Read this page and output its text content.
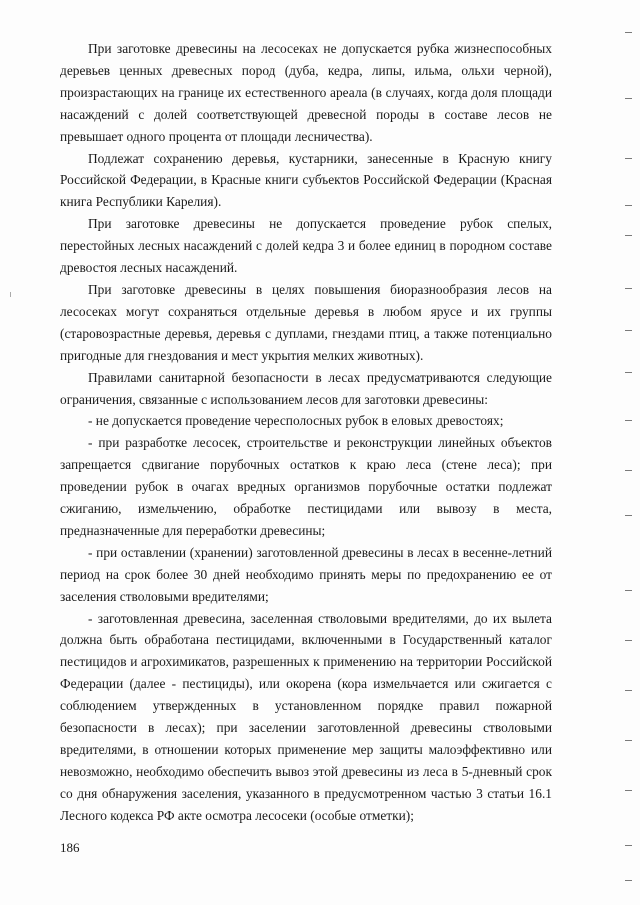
При заготовке древесины на лесосеках не допускается рубка жизнеспособных деревьев ценных древесных пород (дуба, кедра, липы, ильма, ольхи черной), произрастающих на границе их естественного ареала (в случаях, когда доля площади насаждений с долей соответствующей древесной породы в составе лесов не превышает одного процента от площади лесничества).

Подлежат сохранению деревья, кустарники, занесенные в Красную книгу Российской Федерации, в Красные книги субъектов Российской Федерации (Красная книга Республики Карелия).

При заготовке древесины не допускается проведение рубок спелых, перестойных лесных насаждений с долей кедра 3 и более единиц в породном составе древостоя лесных насаждений.

При заготовке древесины в целях повышения биоразнообразия лесов на лесосеках могут сохраняться отдельные деревья в любом ярусе и их группы (старовозрастные деревья, деревья с дуплами, гнездами птиц, а также потенциально пригодные для гнездования и мест укрытия мелких животных).

Правилами санитарной безопасности в лесах предусматриваются следующие ограничения, связанные с использованием лесов для заготовки древесины:

- не допускается проведение чересполосных рубок в еловых древостоях;

- при разработке лесосек, строительстве и реконструкции линейных объектов запрещается сдвигание порубочных остатков к краю леса (стене леса); при проведении рубок в очагах вредных организмов порубочные остатки подлежат сжиганию, измельчению, обработке пестицидами или вывозу в места, предназначенные для переработки древесины;

- при оставлении (хранении) заготовленной древесины в лесах в весенне-летний период на срок более 30 дней необходимо принять меры по предохранению ее от заселения стволовыми вредителями;

- заготовленная древесина, заселенная стволовыми вредителями, до их вылета должна быть обработана пестицидами, включенными в Государственный каталог пестицидов и агрохимикатов, разрешенных к применению на территории Российской Федерации (далее - пестициды), или окорена (кора измельчается или сжигается с соблюдением утвержденных в установленном порядке правил пожарной безопасности в лесах); при заселении заготовленной древесины стволовыми вредителями, в отношении которых применение мер защиты малоэффективно или невозможно, необходимо обеспечить вывоз этой древесины из леса в 5-дневный срок со дня обнаружения заселения, указанного в предусмотренном частью 3 статьи 16.1 Лесного кодекса РФ акте осмотра лесосеки (особые отметки);

186
